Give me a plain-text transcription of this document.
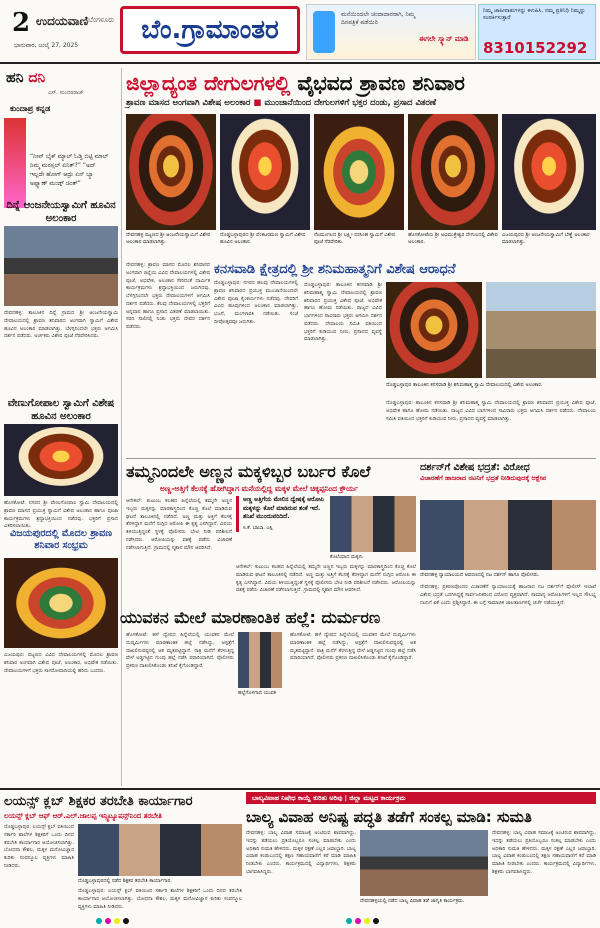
2 ಉದಯವಾಣಿ ಬೆಂಗಳೂರು
ಭಾನುವಾರ, ಜುಲೈ 27, 2025
ಬೆಂ.ಗ್ರಾಮಾಂತರ
ಮನೆಯಿಂದಲೇ ಚಂದಾದಾರರಾಗಿ, ನಿಮ್ಮ ದಿನಪತ್ರಿಕೆ ಪಡೆಯಿರಿ
ಈಗಲೇ ಸ್ಕ್ಯಾನ್ ಮಾಡಿ
ನಿಮ್ಮ ಜಾಹೀರಾತುಗಳನ್ನು ಕಳುಹಿಸಿ, ನಮ್ಮ ಪ್ರತಿನಿಧಿ ನಿಮ್ಮನ್ನು ಸಂಪರ್ಕಿಸುತ್ತಾರೆ
8310152292
ಹನಿ ದನಿ
ಎಸ್. ಸುಂದರರಾಜ್
ಕುಂದಾಪ್ರ ಕನ್ನಡ
“ನೀವ್ ಬೈಕ್ ಮ್ಯಾಲ್ ಓಡ್ತಿ ಬಿಟ್ಟಿ ಮಾಲ್ ನಿಮ್ಮ ಮನಸ್ಸಲ್ ಏನಿತ್?” “ಅದ್ ಇಲ್ಲದೇ ಹೋಗ್ ಆದ್ರು ಏನ್ ಬ್ಯಾ ಅಪ್ಪ್ಯಾಣ್ ಮಂಡ್ಗ್ ಚಿಂತ್”
ದಿನ್ನೆ ಆಂಜನೇಯಸ್ವಾಮಿಗೆ ಹೂವಿನ ಅಲಂಕಾರ
ದೇವನಹಳ್ಳಿ: ತಾಲೂಕಿನ ದಿನ್ನೆ ಗ್ರಾಮದ ಶ್ರೀ ಆಂಜನೇಯಸ್ವಾಮಿ ದೇವಾಲಯದಲ್ಲಿ ಶ್ರಾವಣ ಶನಿವಾರದ ಅಂಗವಾಗಿ ಸ್ವಾಮಿಗೆ ವಿಶೇಷ ಹೂವಿನ ಅಲಂಕಾರ ಮಾಡಲಾಗಿತ್ತು. ಬೆಳಗ್ಗಿನಿಂದಲೇ ಭಕ್ತರು ಆಗಮಿಸಿ ದರ್ಶನ ಪಡೆದರು. ಅರ್ಚಕರು ವಿಶೇಷ ಪೂಜೆ ನೆರವೇರಿಸಿದರು.
ವೇಣುಗೋಪಾಲ ಸ್ವಾಮಿಗೆ ವಿಶೇಷ ಹೂವಿನ ಅಲಂಕಾರ
ಹೊಸಕೋಟೆ: ನಗರದ ಶ್ರೀ ವೇಣುಗೋಪಾಲ ಸ್ವಾಮಿ ದೇವಾಲಯದಲ್ಲಿ ಶ್ರಾವಣ ಮಾಸದ ಪ್ರಯುಕ್ತ ಸ್ವಾಮಿಗೆ ವಿಶೇಷ ಅಲಂಕಾರ ಹಾಗೂ ಪೂಜಾ ಕಾರ್ಯಕ್ರಮಗಳು ಶ್ರದ್ಧಾಭಕ್ತಿಯಿಂದ ನಡೆದವು. ಭಕ್ತರಿಗೆ ಪ್ರಸಾದ ವಿತರಿಸಲಾಯಿತು.
ವಿಜಯಪುರದಲ್ಲಿ ಮೊದಲ ಶ್ರಾವಣ ಶನಿವಾರ ಸಂಭ್ರಮ
ವಿಜಯಪುರ: ಪಟ್ಟಣದ ವಿವಿಧ ದೇವಾಲಯಗಳಲ್ಲಿ ಮೊದಲ ಶ್ರಾವಣ ಶನಿವಾರ ಅಂಗವಾಗಿ ವಿಶೇಷ ಪೂಜೆ, ಅಲಂಕಾರ, ಅಭಿಷೇಕ ನಡೆಯಿತು. ದೇವಾಲಯಗಳಿಗೆ ಭಕ್ತರು ಸಾಗರೋಪಾದಿಯಲ್ಲಿ ಹರಿದು ಬಂದರು.
ಜಿಲ್ಲಾದ್ಯಂತ ದೇಗುಲಗಳಲ್ಲಿ ವೈಭವದ ಶ್ರಾವಣ ಶನಿವಾರ
ಶ್ರಾವಣ ಮಾಸದ ಅಂಗವಾಗಿ ವಿಶೇಷ ಅಲಂಕಾರ ■ ಮುಂಜಾನೆಯಿಂದ ದೇಗುಲಗಳಿಗೆ ಭಕ್ತರ ದಂಡು, ಪ್ರಸಾದ ವಿತರಣೆ
ದೇವನಹಳ್ಳಿ ಪಟ್ಟಣದ ಶ್ರೀ ಆಂಜನೇಯಸ್ವಾಮಿಗೆ ವಿಶೇಷ ಅಲಂಕಾರ ಮಾಡಲಾಗಿತ್ತು.
ದೊಡ್ಡಬಳ್ಳಾಪುರದ ಶ್ರೀ ವೆಂಕಟರಮಣ ಸ್ವಾಮಿಗೆ ವಿಶೇಷ ಹೂವಿನ ಅಲಂಕಾರ.
ನೆಲಮಂಗಲದ ಶ್ರೀ ಲಕ್ಷ್ಮೀ ನರಸಿಂಹ ಸ್ವಾಮಿಗೆ ವಿಶೇಷ ಪೂಜೆ ನೆರವೇರಿತು.
ಹೊಸಕೋಟೆಯ ಶ್ರೀ ಅವಿಮುಕ್ತೇಶ್ವರ ದೇಗುಲದಲ್ಲಿ ವಿಶೇಷ ಅಲಂಕಾರ.
ವಿಜಯಪುರದ ಶ್ರೀ ಆಂಜನೇಯಸ್ವಾಮಿಗೆ ಬೆಣ್ಣೆ ಅಲಂಕಾರ ಮಾಡಲಾಗಿತ್ತು.
ದೇವನಹಳ್ಳಿ: ಶ್ರಾವಣ ಮಾಸದ ಮೊದಲ ಶನಿವಾರದ ಅಂಗವಾಗಿ ಜಿಲ್ಲೆಯ ವಿವಿಧ ದೇವಾಲಯಗಳಲ್ಲಿ ವಿಶೇಷ ಪೂಜೆ, ಅಭಿಷೇಕ, ಅಲಂಕಾರ ಸೇರಿದಂತೆ ಧಾರ್ಮಿಕ ಕಾರ್ಯಕ್ರಮಗಳು ಶ್ರದ್ಧಾಭಕ್ತಿಯಿಂದ ಜರುಗಿದವು. ಬೆಳಗ್ಗಿನಿಂದಲೇ ಭಕ್ತರು ದೇವಾಲಯಗಳಿಗೆ ಆಗಮಿಸಿ ದರ್ಶನ ಪಡೆದರು. ಕೆಲವು ದೇವಾಲಯಗಳಲ್ಲಿ ಭಕ್ತರಿಗೆ ಅನ್ನದಾನ ಹಾಗೂ ಪ್ರಸಾದ ವಿತರಣೆ ಮಾಡಲಾಯಿತು. ಸರದಿ ಸಾಲಿನಲ್ಲಿ ನಿಂತು ಭಕ್ತರು ದೇವರ ದರ್ಶನ ಪಡೆದರು.
ದೊಡ್ಡಬಳ್ಳಾಪುರ: ನಗರದ ಹಲವು ದೇವಾಲಯಗಳಲ್ಲಿ ಶ್ರಾವಣ ಶನಿವಾರದ ಪ್ರಯುಕ್ತ ಮುಂಜಾನೆಯಿಂದಲೇ ವಿಶೇಷ ಪೂಜಾ ಕೈಂಕರ್ಯಗಳು ನಡೆದವು. ದೇವರಿಗೆ ವಿವಿಧ ಹೂವುಗಳಿಂದ ಅಲಂಕಾರ ಮಾಡಲಾಗಿತ್ತು. ಭಜನೆ, ಮಂಗಳಾರತಿ ನಡೆಯಿತು. ಸಂಜೆ ದೀಪೋತ್ಸವವೂ ಜರುಗಿತು.
ಕನಸವಾಡಿ ಕ್ಷೇತ್ರದಲ್ಲಿ ಶ್ರೀ ಶನಿಮಹಾತ್ಮನಿಗೆ ವಿಶೇಷ ಆರಾಧನೆ
ದೊಡ್ಡಬಳ್ಳಾಪುರ: ತಾಲೂಕಿನ ಕನಸವಾಡಿ ಶ್ರೀ ಶನಿಮಹಾತ್ಮ ಸ್ವಾಮಿ ದೇವಾಲಯದಲ್ಲಿ ಶ್ರಾವಣ ಶನಿವಾರದ ಪ್ರಯುಕ್ತ ವಿಶೇಷ ಪೂಜೆ, ಅಭಿಷೇಕ ಹಾಗೂ ಹೋಮ ನಡೆಯಿತು. ರಾಜ್ಯದ ವಿವಿಧ ಭಾಗಗಳಿಂದ ಸಾವಿರಾರು ಭಕ್ತರು ಆಗಮಿಸಿ ದರ್ಶನ ಪಡೆದರು. ದೇವಾಲಯ ಸಮಿತಿ ವತಿಯಿಂದ ಭಕ್ತರಿಗೆ ಕುಡಿಯುವ ನೀರು, ಪ್ರಸಾದದ ವ್ಯವಸ್ಥೆ ಮಾಡಲಾಗಿತ್ತು.
ದೊಡ್ಡಬಳ್ಳಾಪುರ ತಾಲೂಕಿನ ಕನಸವಾಡಿ ಶ್ರೀ ಶನಿಮಹಾತ್ಮ ಸ್ವಾಮಿ ದೇವಾಲಯದಲ್ಲಿ ವಿಶೇಷ ಅಲಂಕಾರ.
ದೊಡ್ಡಬಳ್ಳಾಪುರ: ತಾಲೂಕಿನ ಕನಸವಾಡಿ ಶ್ರೀ ಶನಿಮಹಾತ್ಮ ಸ್ವಾಮಿ ದೇವಾಲಯದಲ್ಲಿ ಶ್ರಾವಣ ಶನಿವಾರದ ಪ್ರಯುಕ್ತ ವಿಶೇಷ ಪೂಜೆ, ಅಭಿಷೇಕ ಹಾಗೂ ಹೋಮ ನಡೆಯಿತು. ರಾಜ್ಯದ ವಿವಿಧ ಭಾಗಗಳಿಂದ ಸಾವಿರಾರು ಭಕ್ತರು ಆಗಮಿಸಿ ದರ್ಶನ ಪಡೆದರು. ದೇವಾಲಯ ಸಮಿತಿ ವತಿಯಿಂದ ಭಕ್ತರಿಗೆ ಕುಡಿಯುವ ನೀರು, ಪ್ರಸಾದದ ವ್ಯವಸ್ಥೆ ಮಾಡಲಾಗಿತ್ತು.
ತಮ್ಮನಿಂದಲೇ ಅಣ್ಣನ ಮಕ್ಕಳಿಬ್ಬರ ಬರ್ಬರ ಕೊಲೆ
ಅಣ್ಣ-ಅತ್ತಿಗೆ ಕೆಲಸಕ್ಕೆ ಹೋಗಿದ್ದಾಗ ಮನೆಯಲ್ಲಿದ್ದ ಮಕ್ಕಳ ಮೇಲೆ ಚಿಕ್ಕಪ್ಪನಿಂದ ಕ್ರೌರ್ಯ
ಆನೇಕಲ್: ಕುಟುಂಬ ಕಲಹದ ಹಿನ್ನೆಲೆಯಲ್ಲಿ ತಮ್ಮನೇ ಅಣ್ಣನ ಇಬ್ಬರು ಮಕ್ಕಳನ್ನು ಮಾರಕಾಸ್ತ್ರದಿಂದ ಕೊಚ್ಚಿ ಕೊಲೆ ಮಾಡಿರುವ ಘಟನೆ ತಾಲೂಕಿನಲ್ಲಿ ನಡೆದಿದೆ. ಅಣ್ಣ ಮತ್ತು ಅತ್ತಿಗೆ ಕೆಲಸಕ್ಕೆ ತೆರಳಿದ್ದಾಗ ಮನೆಗೆ ನುಗ್ಗಿದ ಆರೋಪಿ ಈ ಕೃತ್ಯ ಎಸಗಿದ್ದಾನೆ. ವಿಷಯ ತಿಳಿಯುತ್ತಿದ್ದಂತೆ ಸ್ಥಳಕ್ಕೆ ಪೊಲೀಸರು ಭೇಟಿ ನೀಡಿ ಪರಿಶೀಲನೆ ನಡೆಸಿದರು. ಆರೋಪಿಯನ್ನು ವಶಕ್ಕೆ ಪಡೆದು ವಿಚಾರಣೆ ನಡೆಸಲಾಗುತ್ತಿದೆ. ಗ್ರಾಮದಲ್ಲಿ ಸ್ಮಶಾನ ಮೌನ ಆವರಿಸಿದೆ.
ಅಣ್ಣ ಅತ್ತಿಗೆಯ ಮೇಲಿನ ದ್ವೇಷಕ್ಕೆ ಆರೋಪಿ ಮಕ್ಕಳನ್ನು ಕೊಲೆ ಮಾಡಿರುವ ಶಂಕೆ ಇದೆ. ತನಿಖೆ ಮುಂದುವರಿದಿದೆ.
ಸಿ.ಕೆ. ಬಾಬಾ, ಎಸ್ಪಿ
ಕೊಲೆಯಾದ ಮಕ್ಕಳು
ಆನೇಕಲ್: ಕುಟುಂಬ ಕಲಹದ ಹಿನ್ನೆಲೆಯಲ್ಲಿ ತಮ್ಮನೇ ಅಣ್ಣನ ಇಬ್ಬರು ಮಕ್ಕಳನ್ನು ಮಾರಕಾಸ್ತ್ರದಿಂದ ಕೊಚ್ಚಿ ಕೊಲೆ ಮಾಡಿರುವ ಘಟನೆ ತಾಲೂಕಿನಲ್ಲಿ ನಡೆದಿದೆ. ಅಣ್ಣ ಮತ್ತು ಅತ್ತಿಗೆ ಕೆಲಸಕ್ಕೆ ತೆರಳಿದ್ದಾಗ ಮನೆಗೆ ನುಗ್ಗಿದ ಆರೋಪಿ ಈ ಕೃತ್ಯ ಎಸಗಿದ್ದಾನೆ. ವಿಷಯ ತಿಳಿಯುತ್ತಿದ್ದಂತೆ ಸ್ಥಳಕ್ಕೆ ಪೊಲೀಸರು ಭೇಟಿ ನೀಡಿ ಪರಿಶೀಲನೆ ನಡೆಸಿದರು. ಆರೋಪಿಯನ್ನು ವಶಕ್ಕೆ ಪಡೆದು ವಿಚಾರಣೆ ನಡೆಸಲಾಗುತ್ತಿದೆ. ಗ್ರಾಮದಲ್ಲಿ ಸ್ಮಶಾನ ಮೌನ ಆವರಿಸಿದೆ.
ದರ್ಶನ್‌ಗೆ ವಿಶೇಷ ಭದ್ರತೆ: ವಿರೋಧ
ವಿಚಾರಣೆಗೆ ಹಾಜರಾದ ನಟನಿಗೆ ಭದ್ರತೆ ನೀಡಿರುವುದಕ್ಕೆ ಆಕ್ಷೇಪ
ದೇವನಹಳ್ಳಿ ನ್ಯಾಯಾಲಯದ ಆವರಣದಲ್ಲಿ ನಟ ದರ್ಶನ್ ಹಾಗೂ ಪೊಲೀಸರು.
ದೇವನಹಳ್ಳಿ: ಪ್ರಕರಣವೊಂದರ ವಿಚಾರಣೆಗೆ ನ್ಯಾಯಾಲಯಕ್ಕೆ ಹಾಜರಾದ ನಟ ದರ್ಶನ್‌ಗೆ ಪೊಲೀಸ್ ಇಲಾಖೆ ವಿಶೇಷ ಭದ್ರತೆ ಒದಗಿಸಿದ್ದಕ್ಕೆ ಸಾರ್ವಜನಿಕರಿಂದ ವಿರೋಧ ವ್ಯಕ್ತವಾಗಿದೆ. ಸಾಮಾನ್ಯ ಆರೋಪಿಗಳಿಗೆ ಇಲ್ಲದ ಸೌಲಭ್ಯ ನಟನಿಗೆ ಏಕೆ ಎಂದು ಪ್ರಶ್ನಿಸಿದ್ದಾರೆ. ಈ ಬಗ್ಗೆ ಸಾಮಾಜಿಕ ಜಾಲತಾಣಗಳಲ್ಲಿ ಚರ್ಚೆ ನಡೆಯುತ್ತಿದೆ.
ಯುವಕನ ಮೇಲೆ ಮಾರಣಾಂತಿಕ ಹಲ್ಲೆ: ದುರ್ಮರಣ
ಹಲ್ಲೆಗೊಳಗಾದ ಯುವಕ
ಹೊಸಕೋಟೆ: ಹಳೆ ದ್ವೇಷದ ಹಿನ್ನೆಲೆಯಲ್ಲಿ ಯುವಕನ ಮೇಲೆ ದುಷ್ಕರ್ಮಿಗಳು ಮಾರಣಾಂತಿಕ ಹಲ್ಲೆ ನಡೆಸಿದ್ದು, ಆಸ್ಪತ್ರೆಗೆ ದಾಖಲಿಸುವಷ್ಟರಲ್ಲಿ ಆತ ಮೃತಪಟ್ಟಿದ್ದಾನೆ. ರಾತ್ರಿ ಮನೆಗೆ ತೆರಳುತ್ತಿದ್ದ ವೇಳೆ ಅಡ್ಡಗಟ್ಟಿದ ಗುಂಪು ಹಲ್ಲೆ ನಡೆಸಿ ಪರಾರಿಯಾಗಿದೆ. ಪೊಲೀಸರು ಪ್ರಕರಣ ದಾಖಲಿಸಿಕೊಂಡು ತನಿಖೆ ಕೈಗೊಂಡಿದ್ದಾರೆ.
ಹೊಸಕೋಟೆ: ಹಳೆ ದ್ವೇಷದ ಹಿನ್ನೆಲೆಯಲ್ಲಿ ಯುವಕನ ಮೇಲೆ ದುಷ್ಕರ್ಮಿಗಳು ಮಾರಣಾಂತಿಕ ಹಲ್ಲೆ ನಡೆಸಿದ್ದು, ಆಸ್ಪತ್ರೆಗೆ ದಾಖಲಿಸುವಷ್ಟರಲ್ಲಿ ಆತ ಮೃತಪಟ್ಟಿದ್ದಾನೆ. ರಾತ್ರಿ ಮನೆಗೆ ತೆರಳುತ್ತಿದ್ದ ವೇಳೆ ಅಡ್ಡಗಟ್ಟಿದ ಗುಂಪು ಹಲ್ಲೆ ನಡೆಸಿ ಪರಾರಿಯಾಗಿದೆ. ಪೊಲೀಸರು ಪ್ರಕರಣ ದಾಖಲಿಸಿಕೊಂಡು ತನಿಖೆ ಕೈಗೊಂಡಿದ್ದಾರೆ.
ಲಯನ್ಸ್ ಕ್ಲಬ್ ಶಿಕ್ಷಕರ ತರಬೇತಿ ಕಾರ್ಯಾಗಾರ
ಲಯನ್ಸ್ ಕ್ಲಬ್ ಆಫ್ ಆರ್.ಎಲ್.ಜಾಲಪ್ಪ ಇನ್ಸ್ಟಿಟ್ಯೂಷನ್ಸ್‌ನಿಂದ ತರಬೇತಿ
ದೊಡ್ಡಬಳ್ಳಾಪುರ: ಲಯನ್ಸ್ ಕ್ಲಬ್ ವತಿಯಿಂದ ಸರ್ಕಾರಿ ಶಾಲೆಗಳ ಶಿಕ್ಷಕರಿಗೆ ಒಂದು ದಿನದ ತರಬೇತಿ ಕಾರ್ಯಾಗಾರ ಆಯೋಜಿಸಲಾಗಿತ್ತು. ಬೋಧನಾ ಕೌಶಲ, ಮಕ್ಕಳ ಮನೋವಿಜ್ಞಾನ ಕುರಿತು ಸಂಪನ್ಮೂಲ ವ್ಯಕ್ತಿಗಳು ಮಾಹಿತಿ ನೀಡಿದರು.
ದೊಡ್ಡಬಳ್ಳಾಪುರದಲ್ಲಿ ನಡೆದ ಶಿಕ್ಷಕರ ತರಬೇತಿ ಕಾರ್ಯಾಗಾರ.
ದೊಡ್ಡಬಳ್ಳಾಪುರ: ಲಯನ್ಸ್ ಕ್ಲಬ್ ವತಿಯಿಂದ ಸರ್ಕಾರಿ ಶಾಲೆಗಳ ಶಿಕ್ಷಕರಿಗೆ ಒಂದು ದಿನದ ತರಬೇತಿ ಕಾರ್ಯಾಗಾರ ಆಯೋಜಿಸಲಾಗಿತ್ತು. ಬೋಧನಾ ಕೌಶಲ, ಮಕ್ಕಳ ಮನೋವಿಜ್ಞಾನ ಕುರಿತು ಸಂಪನ್ಮೂಲ ವ್ಯಕ್ತಿಗಳು ಮಾಹಿತಿ ನೀಡಿದರು.
ಬಾಲ್ಯವಿವಾಹ ನಿಷೇಧ ಕಾಯ್ದೆ ಕುರಿತು ಅರಿವು | ಜಿಲ್ಲಾ ಮಟ್ಟದ ಕಾರ್ಯಕ್ರಮ
ಬಾಲ್ಯ ವಿವಾಹ ಅನಿಷ್ಟ ಪದ್ಧತಿ ತಡೆಗೆ ಸಂಕಲ್ಪ ಮಾಡಿ: ಸುಮತಿ
ದೇವನಹಳ್ಳಿ: ಬಾಲ್ಯ ವಿವಾಹ ಸಮಾಜಕ್ಕೆ ಅಂಟಿರುವ ಶಾಪವಾಗಿದ್ದು, ಇದನ್ನು ತಡೆಯಲು ಪ್ರತಿಯೊಬ್ಬರೂ ಸಂಕಲ್ಪ ಮಾಡಬೇಕು ಎಂದು ಅಧಿಕಾರಿ ಸುಮತಿ ಹೇಳಿದರು. ಮಕ್ಕಳ ರಕ್ಷಣೆ ಎಲ್ಲರ ಜವಾಬ್ದಾರಿ. ಬಾಲ್ಯ ವಿವಾಹ ಕಂಡುಬಂದಲ್ಲಿ ತಕ್ಷಣ ಸಹಾಯವಾಣಿಗೆ ಕರೆ ಮಾಡಿ ಮಾಹಿತಿ ನೀಡಬೇಕು ಎಂದರು. ಕಾರ್ಯಕ್ರಮದಲ್ಲಿ ವಿದ್ಯಾರ್ಥಿಗಳು, ಶಿಕ್ಷಕರು ಭಾಗವಹಿಸಿದ್ದರು.
ದೇವನಹಳ್ಳಿಯಲ್ಲಿ ನಡೆದ ಬಾಲ್ಯ ವಿವಾಹ ತಡೆ ಜಾಗೃತಿ ಕಾರ್ಯಕ್ರಮ.
ದೇವನಹಳ್ಳಿ: ಬಾಲ್ಯ ವಿವಾಹ ಸಮಾಜಕ್ಕೆ ಅಂಟಿರುವ ಶಾಪವಾಗಿದ್ದು, ಇದನ್ನು ತಡೆಯಲು ಪ್ರತಿಯೊಬ್ಬರೂ ಸಂಕಲ್ಪ ಮಾಡಬೇಕು ಎಂದು ಅಧಿಕಾರಿ ಸುಮತಿ ಹೇಳಿದರು. ಮಕ್ಕಳ ರಕ್ಷಣೆ ಎಲ್ಲರ ಜವಾಬ್ದಾರಿ. ಬಾಲ್ಯ ವಿವಾಹ ಕಂಡುಬಂದಲ್ಲಿ ತಕ್ಷಣ ಸಹಾಯವಾಣಿಗೆ ಕರೆ ಮಾಡಿ ಮಾಹಿತಿ ನೀಡಬೇಕು ಎಂದರು. ಕಾರ್ಯಕ್ರಮದಲ್ಲಿ ವಿದ್ಯಾರ್ಥಿಗಳು, ಶಿಕ್ಷಕರು ಭಾಗವಹಿಸಿದ್ದರು.
